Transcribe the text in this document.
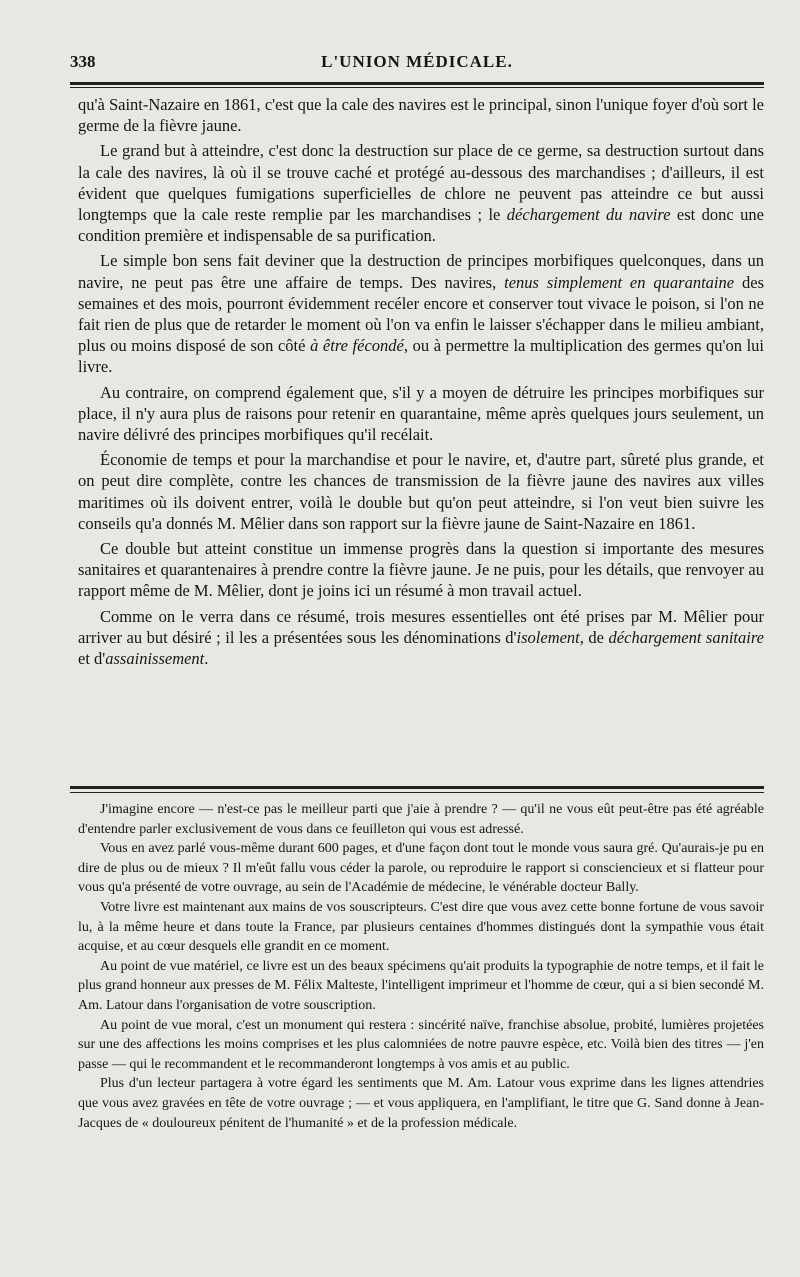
338	L'UNION MÉDICALE.

qu'à Saint-Nazaire en 1861, c'est que la cale des navires est le principal, sinon l'unique foyer d'où sort le germe de la fièvre jaune.

Le grand but à atteindre, c'est donc la destruction sur place de ce germe, sa destruction surtout dans la cale des navires, là où il se trouve caché et protégé au-dessous des marchandises ; d'ailleurs, il est évident que quelques fumigations superficielles de chlore ne peuvent pas atteindre ce but aussi longtemps que la cale reste remplie par les marchandises ; le déchargement du navire est donc une condition première et indispensable de sa purification.

Le simple bon sens fait deviner que la destruction de principes morbifiques quelconques, dans un navire, ne peut pas être une affaire de temps. Des navires, tenus simplement en quarantaine des semaines et des mois, pourront évidemment recéler encore et conserver tout vivace le poison, si l'on ne fait rien de plus que de retarder le moment où l'on va enfin le laisser s'échapper dans le milieu ambiant, plus ou moins disposé de son côté à être fécondé, ou à permettre la multiplication des germes qu'on lui livre.

Au contraire, on comprend également que, s'il y a moyen de détruire les principes morbifiques sur place, il n'y aura plus de raisons pour retenir en quarantaine, même après quelques jours seulement, un navire délivré des principes morbifiques qu'il recélait.

Économie de temps et pour la marchandise et pour le navire, et, d'autre part, sûreté plus grande, et on peut dire complète, contre les chances de transmission de la fièvre jaune des navires aux villes maritimes où ils doivent entrer, voilà le double but qu'on peut atteindre, si l'on veut bien suivre les conseils qu'a donnés M. Mêlier dans son rapport sur la fièvre jaune de Saint-Nazaire en 1861.

Ce double but atteint constitue un immense progrès dans la question si importante des mesures sanitaires et quarantenaires à prendre contre la fièvre jaune. Je ne puis, pour les détails, que renvoyer au rapport même de M. Mêlier, dont je joins ici un résumé à mon travail actuel.

Comme on le verra dans ce résumé, trois mesures essentielles ont été prises par M. Mêlier pour arriver au but désiré ; il les a présentées sous les dénominations d'isolement, de déchargement sanitaire et d'assainissement.

J'imagine encore — n'est-ce pas le meilleur parti que j'aie à prendre ? — qu'il ne vous eût peut-être pas été agréable d'entendre parler exclusivement de vous dans ce feuilleton qui vous est adressé.

Vous en avez parlé vous-même durant 600 pages, et d'une façon dont tout le monde vous saura gré. Qu'aurais-je pu en dire de plus ou de mieux ? Il m'eût fallu vous céder la parole, ou reproduire le rapport si consciencieux et si flatteur pour vous qu'a présenté de votre ouvrage, au sein de l'Académie de médecine, le vénérable docteur Bally.

Votre livre est maintenant aux mains de vos souscripteurs. C'est dire que vous avez cette bonne fortune de vous savoir lu, à la même heure et dans toute la France, par plusieurs centaines d'hommes distingués dont la sympathie vous était acquise, et au cœur desquels elle grandit en ce moment.

Au point de vue matériel, ce livre est un des beaux spécimens qu'ait produits la typographie de notre temps, et il fait le plus grand honneur aux presses de M. Félix Malteste, l'intelligent imprimeur et l'homme de cœur, qui a si bien secondé M. Am. Latour dans l'organisation de votre souscription.

Au point de vue moral, c'est un monument qui restera : sincérité naïve, franchise absolue, probité, lumières projetées sur une des affections les moins comprises et les plus calomniées de notre pauvre espèce, etc. Voilà bien des titres — j'en passe — qui le recommandent et le recommanderont longtemps à vos amis et au public.

Plus d'un lecteur partagera à votre égard les sentiments que M. Am. Latour vous exprime dans les lignes attendries que vous avez gravées en tête de votre ouvrage ; — et vous appliquera, en l'amplifiant, le titre que G. Sand donne à Jean-Jacques de « douloureux pénitent de l'humanité » et de la profession médicale.
